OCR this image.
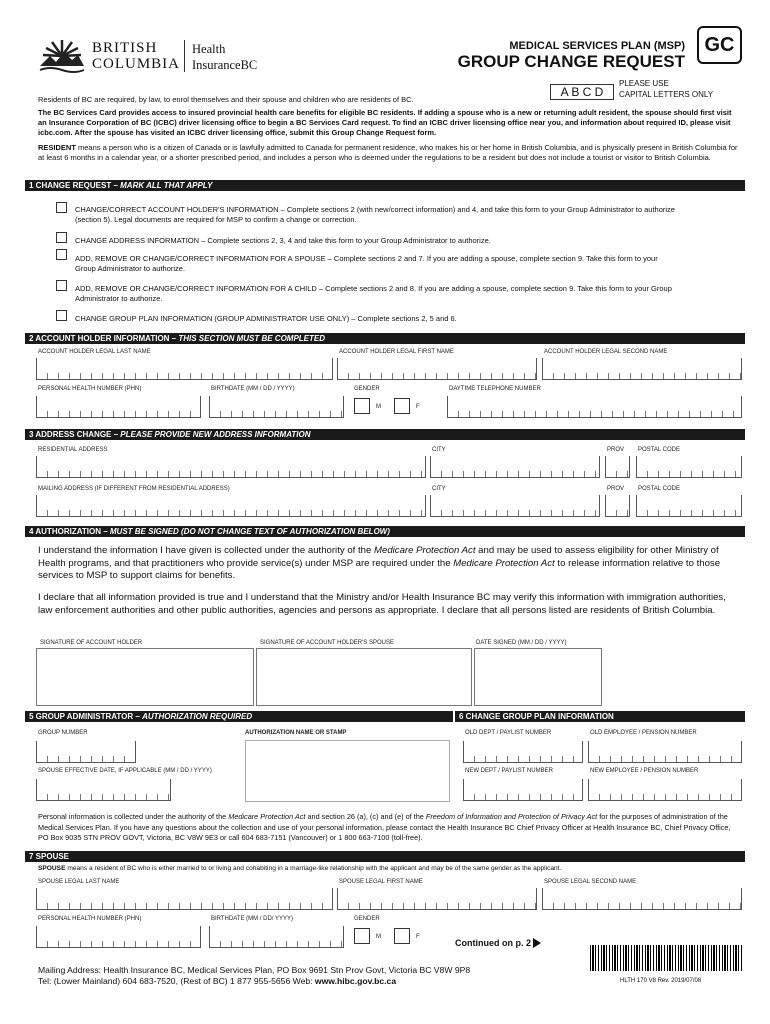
BRITISH
COLUMBIA
Health
InsuranceBC
MEDICAL SERVICES PLAN (MSP)
GROUP CHANGE REQUEST
GC
A B C D
PLEASE USE
CAPITAL LETTERS ONLY
Residents of BC are required, by law, to enrol themselves and their spouse and children who are residents of BC.
The BC Services Card provides access to insured provincial health care benefits for eligible BC residents. If adding a spouse who is a new or returning adult resident, the spouse should first visit an Insurance Corporation of BC (ICBC) driver licensing office to begin a BC Services Card request. To find an ICBC driver licensing office near you, and information about required ID, please visit icbc.com. After the spouse has visited an ICBC driver licensing office, submit this Group Change Request form.
RESIDENT means a person who is a citizen of Canada or is lawfully admitted to Canada for permanent residence, who makes his or her home in British Columbia, and is physically present in British Columbia for at least 6 months in a calendar year, or a shorter prescribed period, and includes a person who is deemed under the regulations to be a resident but does not include a tourist or visitor to British Columbia.
1 CHANGE REQUEST – MARK ALL THAT APPLY
CHANGE/CORRECT ACCOUNT HOLDER'S INFORMATION – Complete sections 2 (with new/correct information) and 4, and take this form to your Group Administrator to authorize (section 5). Legal documents are required for MSP to confirm a change or correction.
CHANGE ADDRESS INFORMATION – Complete sections 2, 3, 4 and take this form to your Group Administrator to authorize.
ADD, REMOVE OR CHANGE/CORRECT INFORMATION FOR A SPOUSE – Complete sections 2 and 7. If you are adding a spouse, complete section 9. Take this form to your Group Administrator to authorize.
ADD, REMOVE OR CHANGE/CORRECT INFORMATION FOR A CHILD – Complete sections 2 and 8. If you are adding a spouse, complete section 9. Take this form to your Group Administrator to authorize.
CHANGE GROUP PLAN INFORMATION (GROUP ADMINISTRATOR USE ONLY) – Complete sections 2, 5 and 6.
2 ACCOUNT HOLDER INFORMATION – THIS SECTION MUST BE COMPLETED
ACCOUNT HOLDER LEGAL LAST NAME	ACCOUNT HOLDER LEGAL FIRST NAME	ACCOUNT HOLDER LEGAL SECOND NAME
PERSONAL HEALTH NUMBER (PHN)	BIRTHDATE (MM / DD / YYYY)	GENDER	DAYTIME TELEPHONE NUMBER
M	F
3 ADDRESS CHANGE – PLEASE PROVIDE NEW ADDRESS INFORMATION
RESIDENTIAL ADDRESS	CITY	PROV POSTAL CODE
MAILING ADDRESS (IF DIFFERENT FROM RESIDENTIAL ADDRESS)	CITY	PROV POSTAL CODE
4 AUTHORIZATION – MUST BE SIGNED (DO NOT CHANGE TEXT OF AUTHORIZATION BELOW)
I understand the information I have given is collected under the authority of the Medicare Protection Act and may be used to assess eligibility for other Ministry of Health programs, and that practitioners who provide service(s) under MSP are required under the Medicare Protection Act to release information relative to those services to MSP to support claims for benefits.
I declare that all information provided is true and I understand that the Ministry and/or Health Insurance BC may verify this information with immigration authorities, law enforcement authorities and other public authorities, agencies and persons as appropriate. I declare that all persons listed are residents of British Columbia.
SIGNATURE OF ACCOUNT HOLDER	SIGNATURE OF ACCOUNT HOLDER'S SPOUSE	DATE SIGNED (MM / DD / YYYY)
5 GROUP ADMINISTRATOR – AUTHORIZATION REQUIRED	6 CHANGE GROUP PLAN INFORMATION
GROUP NUMBER	AUTHORIZATION NAME OR STAMP
SPOUSE EFFECTIVE DATE, IF APPLICABLE (MM / DD / YYYY)
OLD DEPT / PAYLIST NUMBER	OLD EMPLOYEE / PENSION NUMBER
NEW DEPT / PAYLIST NUMBER	NEW EMPLOYEE / PENSION NUMBER
Personal information is collected under the authority of the Medicare Protection Act and section 26 (a), (c) and (e) of the Freedom of Information and Protection of Privacy Act for the purposes of administration of the Medical Services Plan. If you have any questions about the collection and use of your personal information, please contact the Health Insurance BC Chief Privacy Officer at Health Insurance BC, Chief Privacy Office, PO Box 9035 STN PROV GOVT, Victoria, BC V8W 9E3 or call 604 683-7151 (Vancouver) or 1 800 663-7100 (toll-free).
7 SPOUSE
SPOUSE means a resident of BC who is either married to or living and cohabiting in a marriage-like relationship with the applicant and may be of the same gender as the applicant.
SPOUSE LEGAL LAST NAME	SPOUSE LEGAL FIRST NAME	SPOUSE LEGAL SECOND NAME
PERSONAL HEALTH NUMBER (PHN)	BIRTHDATE (MM / DD/ YYYY)	GENDER
M	F
Continued on p. 2
Mailing Address: Health Insurance BC, Medical Services Plan, PO Box 9691 Stn Prov Govt, Victoria BC V8W 9P8
Tel: (Lower Mainland) 604 683-7520, (Rest of BC) 1 877 955-5656 Web: www.hibc.gov.bc.ca	HLTH 170 V8 Rev. 2019/07/08
